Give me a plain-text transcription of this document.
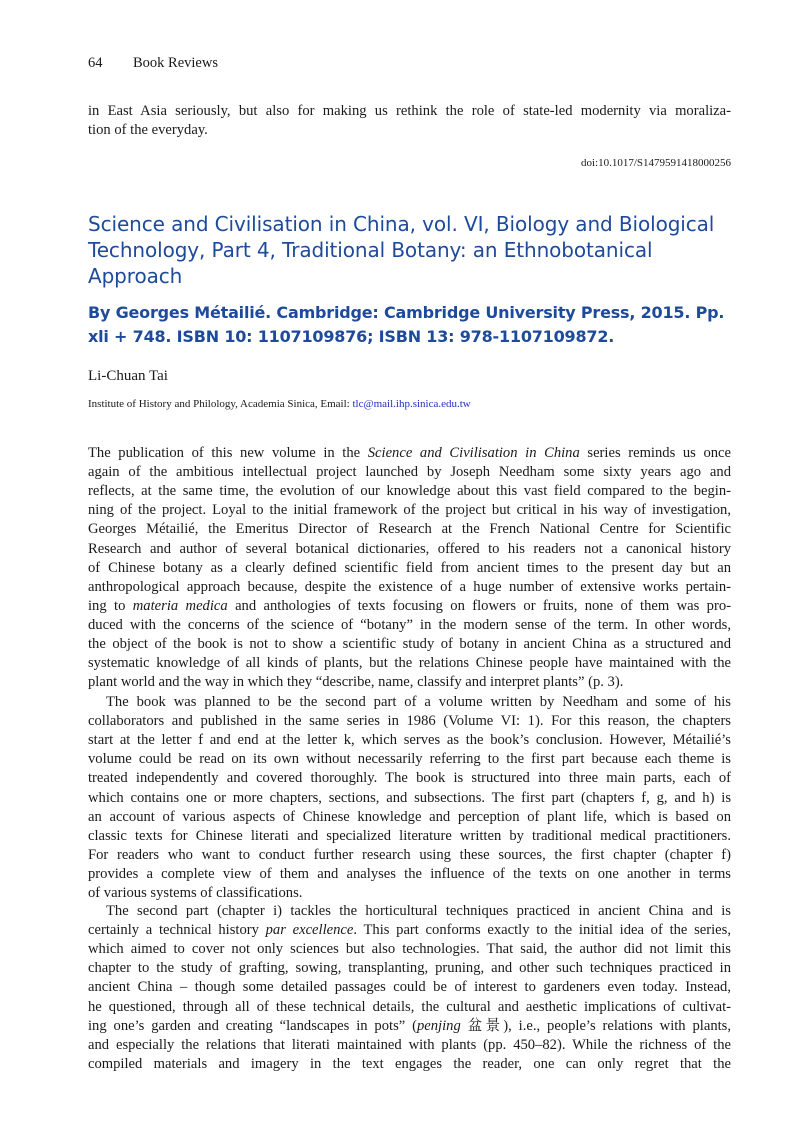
64 Book Reviews
in East Asia seriously, but also for making us rethink the role of state-led modernity via moraliza-
tion of the everyday.
doi:10.1017/S1479591418000256
Science and Civilisation in China, vol. VI, Biology and Biological Technology, Part 4, Traditional Botany: an Ethnobotanical Approach
By Georges Métailié. Cambridge: Cambridge University Press, 2015. Pp. xli + 748. ISBN 10: 1107109876; ISBN 13: 978-1107109872.
Li-Chuan Tai
Institute of History and Philology, Academia Sinica, Email: tlc@mail.ihp.sinica.edu.tw
The publication of this new volume in the Science and Civilisation in China series reminds us once
again of the ambitious intellectual project launched by Joseph Needham some sixty years ago and
reflects, at the same time, the evolution of our knowledge about this vast field compared to the begin-
ning of the project. Loyal to the initial framework of the project but critical in his way of investigation,
Georges Métailié, the Emeritus Director of Research at the French National Centre for Scientific
Research and author of several botanical dictionaries, offered to his readers not a canonical history
of Chinese botany as a clearly defined scientific field from ancient times to the present day but an
anthropological approach because, despite the existence of a huge number of extensive works pertain-
ing to materia medica and anthologies of texts focusing on flowers or fruits, none of them was pro-
duced with the concerns of the science of “botany” in the modern sense of the term. In other words,
the object of the book is not to show a scientific study of botany in ancient China as a structured and
systematic knowledge of all kinds of plants, but the relations Chinese people have maintained with the
plant world and the way in which they “describe, name, classify and interpret plants” (p. 3).
The book was planned to be the second part of a volume written by Needham and some of his
collaborators and published in the same series in 1986 (Volume VI: 1). For this reason, the chapters
start at the letter f and end at the letter k, which serves as the book’s conclusion. However, Métailié’s
volume could be read on its own without necessarily referring to the first part because each theme is
treated independently and covered thoroughly. The book is structured into three main parts, each of
which contains one or more chapters, sections, and subsections. The first part (chapters f, g, and h) is
an account of various aspects of Chinese knowledge and perception of plant life, which is based on
classic texts for Chinese literati and specialized literature written by traditional medical practitioners.
For readers who want to conduct further research using these sources, the first chapter (chapter f)
provides a complete view of them and analyses the influence of the texts on one another in terms
of various systems of classifications.
The second part (chapter i) tackles the horticultural techniques practiced in ancient China and is
certainly a technical history par excellence. This part conforms exactly to the initial idea of the series,
which aimed to cover not only sciences but also technologies. That said, the author did not limit this
chapter to the study of grafting, sowing, transplanting, pruning, and other such techniques practiced in
ancient China – though some detailed passages could be of interest to gardeners even today. Instead,
he questioned, through all of these technical details, the cultural and aesthetic implications of cultivat-
ing one’s garden and creating “landscapes in pots” (penjing 盆景), i.e., people’s relations with plants,
and especially the relations that literati maintained with plants (pp. 450–82). While the richness of the
compiled materials and imagery in the text engages the reader, one can only regret that the
